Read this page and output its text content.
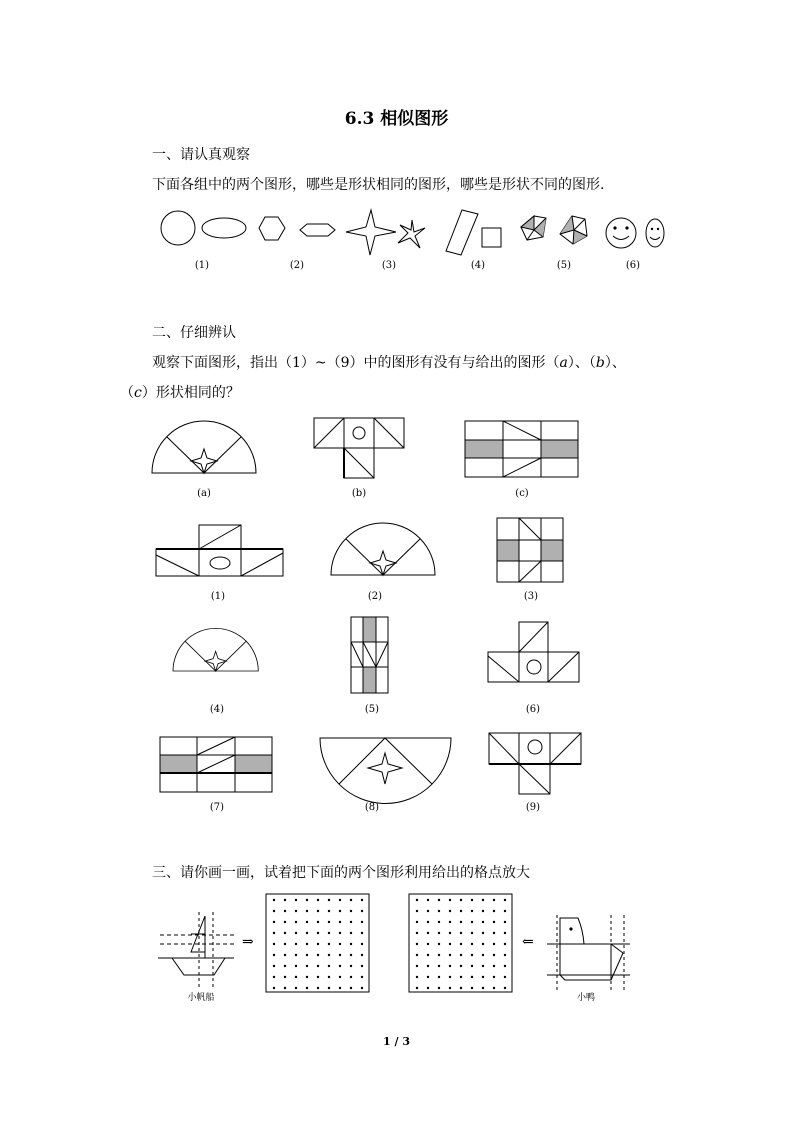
6.3 相似图形
一、请认真观察
下面各组中的两个图形，哪些是形状相同的图形，哪些是形状不同的图形.
(1)	(2)	(3)	(4)	(5)	(6)
二、仔细辨认
观察下面图形，指出（1）~（9）中的图形有没有与给出的图形（a）、（b）、
（c）形状相同的？
(a)	(b)	(c)
(1)	(2)	(3)
(4)	(5)	(6)
(7)	(8)	(9)
三、请你画一画，试着把下面的两个图形利用给出的格点放大
⇒	⇐
小帆船	小鸭
1 / 3
